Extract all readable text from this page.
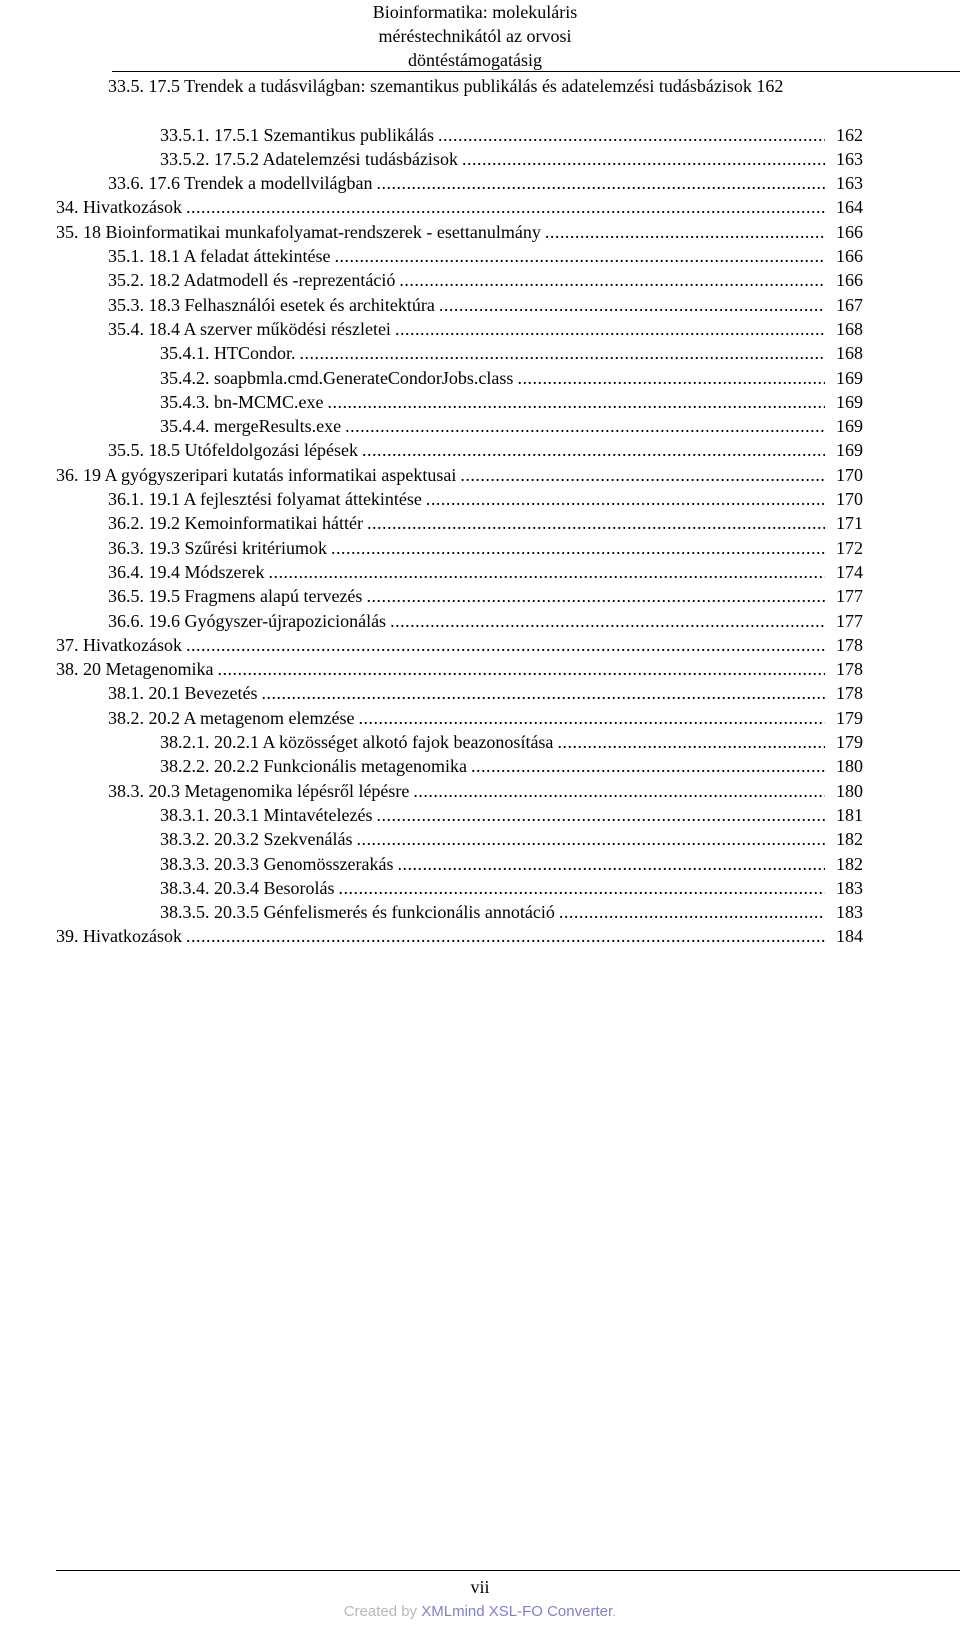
Bioinformatika: molekuláris
méréstechnikától az orvosi
döntéstámogatásig
33.5. 17.5 Trendek a tudásvilágban: szemantikus publikálás és adatelemzési tudásbázisok 162
33.5.1. 17.5.1 Szemantikus publikálás .....	162
33.5.2. 17.5.2 Adatelemzési tudásbázisok .....	163
33.6. 17.6 Trendek a modellvilágban .....	163
34. Hivatkozások .....	164
35. 18 Bioinformatikai munkafolyamat-rendszerek - esettanulmány .....	166
35.1. 18.1 A feladat áttekintése .....	166
35.2. 18.2 Adatmodell és -reprezentáció .....	166
35.3. 18.3 Felhasználói esetek és architektúra .....	167
35.4. 18.4 A szerver működési részletei .....	168
35.4.1. HTCondor. .....	168
35.4.2. soapbmla.cmd.GenerateCondorJobs.class .....	169
35.4.3. bn-MCMC.exe .....	169
35.4.4. mergeResults.exe .....	169
35.5. 18.5 Utófeldolgozási lépések .....	169
36. 19 A gyógyszeripari kutatás informatikai aspektusai .....	170
36.1. 19.1 A fejlesztési folyamat áttekintése .....	170
36.2. 19.2 Kemoinformatikai háttér .....	171
36.3. 19.3 Szűrési kritériumok .....	172
36.4. 19.4 Módszerek .....	174
36.5. 19.5 Fragmens alapú tervezés .....	177
36.6. 19.6 Gyógyszer-újrapozicionálás .....	177
37. Hivatkozások .....	178
38. 20 Metagenomika .....	178
38.1. 20.1 Bevezetés .....	178
38.2. 20.2 A metagenom elemzése .....	179
38.2.1. 20.2.1 A közösséget alkotó fajok beazonosítása .....	179
38.2.2. 20.2.2 Funkcionális metagenomika .....	180
38.3. 20.3 Metagenomika lépésről lépésre .....	180
38.3.1. 20.3.1 Mintavételezés .....	181
38.3.2. 20.3.2 Szekvenálás .....	182
38.3.3. 20.3.3 Genomösszerakás .....	182
38.3.4. 20.3.4 Besorolás .....	183
38.3.5. 20.3.5 Génfelismerés és funkcionális annotáció .....	183
39. Hivatkozások .....	184
vii
Created by XMLmind XSL-FO Converter.
